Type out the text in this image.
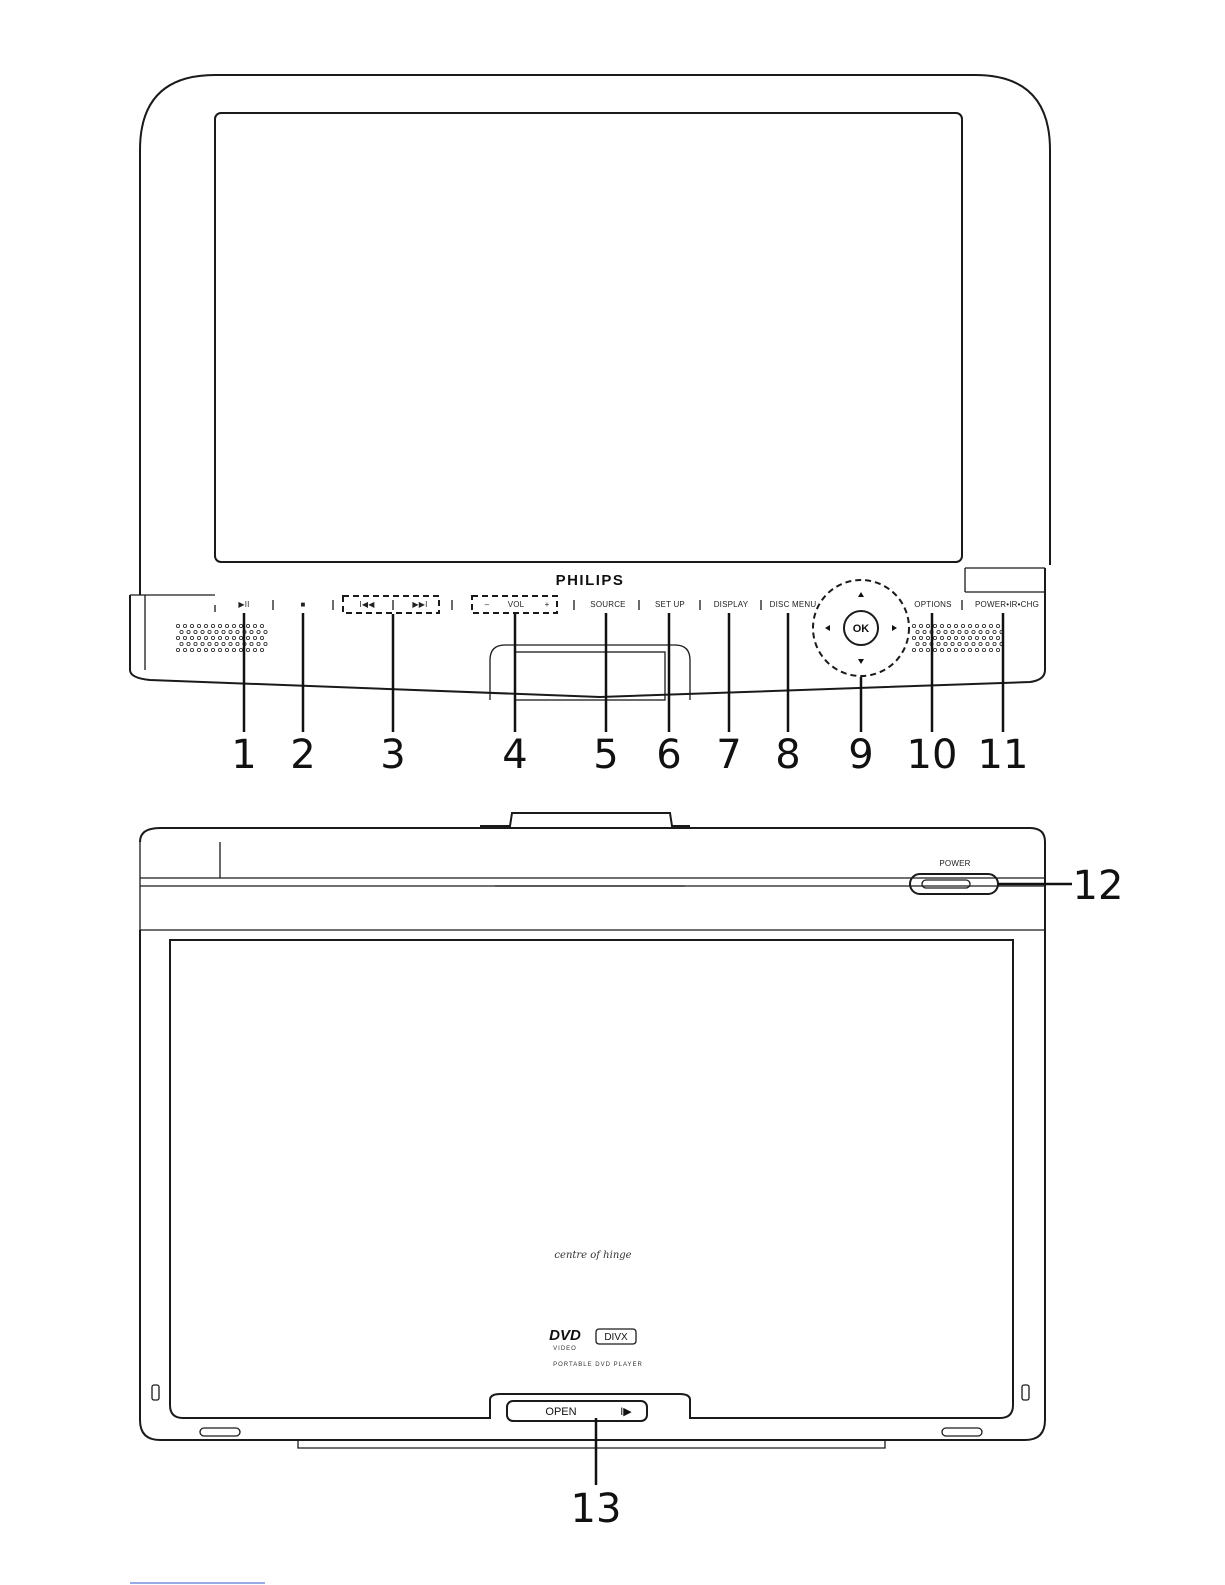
PHILIPS
▶II	■	I◀◀	▶▶I	– VOL	+	SOURCE	SET UP	DISPLAY	DISC MENU
OK
OPTIONS	POWER•IR•CHG
1 2 3 4 5 6 7 8 9 10 11
POWER	12
centre of hinge
DVD
VIDEO
DIVX
PORTABLE DVD PLAYER
OPEN	I▶
13
